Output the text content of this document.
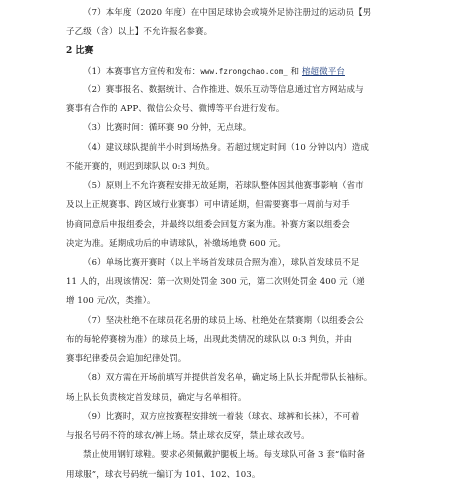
（7）本年度（2020 年度）在中国足球协会或境外足协注册过的运动员【男
子乙级（含）以上】不允许报名参赛。
2 比赛
（1）本赛事官方宣传和发布：www.fzrongchao.com_ 和 榕超微平台
（2）赛事报名、数据统计、合作推进、娱乐互动等信息通过官方网站成与
赛事有合作的 APP、微信公众号、微博等平台进行发布。
（3）比赛时间：循环赛 90 分钟，无点球。
（4）建议球队提前半小时到场热身。若超过规定时间（10 分钟以内）造成
不能开赛的，则迟到球队以 0:3 判负。
（5）原则上不允许赛程安排无故延期，若球队整体因其他赛事影响（省市
及以上正规赛事、跨区域行业赛事）可申请延期，但需要赛事一周前与对手
协商同意后申报组委会，并最终以组委会回复方案为准。补赛方案以组委会
决定为准。延期成功后的申请球队，补缴场地费 600 元。
（6）单场比赛开赛时（以上半场首发球员合照为准），球队首发球员不足
11 人的，出现该情况：第一次则处罚金 300 元，第二次则处罚金 400 元（递
增 100 元/次，类推）。
（7）坚决杜绝不在球员花名册的球员上场、杜绝处在禁赛期（以组委会公
布的每轮停赛榜为准）的球员上场，出现此类情况的球队以 0:3 判负，并由
赛事纪律委员会追加纪律处罚。
（8）双方需在开场前填写并提供首发名单，确定场上队长并配带队长袖标。
场上队长负责核定首发球员，确定与名单相符。
（9）比赛时，双方应按赛程安排统一着装（球衣、球裤和长袜），不可着
与报名号码不符的球衣/裤上场。禁止球衣反穿，禁止球衣改号。
禁止使用钢钉球鞋。要求必须佩戴护腿板上场。每支球队可备 3 套“临时备
用球服”，球衣号码统一编订为 101、102、103。
